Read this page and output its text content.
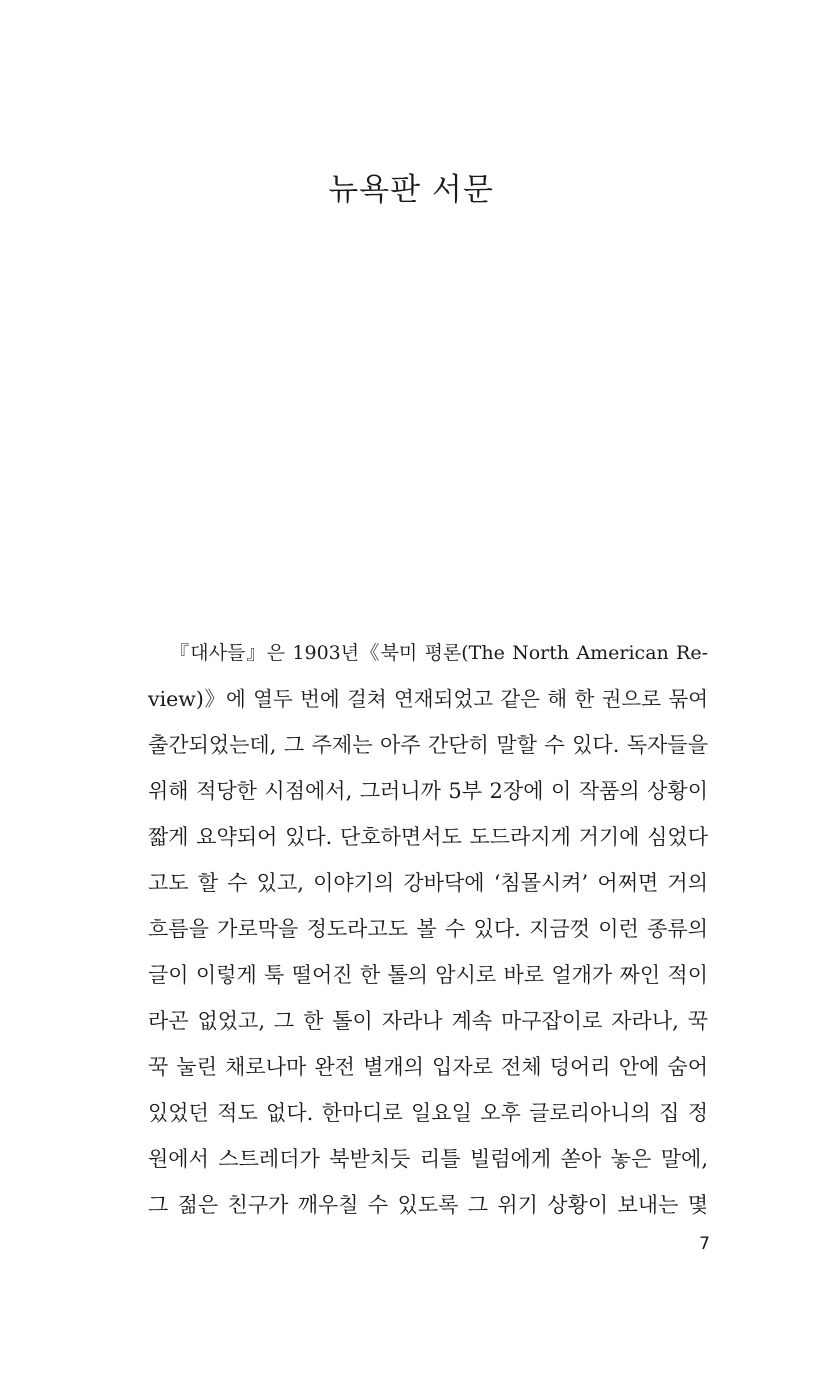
뉴욕판 서문
『대사들』은 1903년《북미 평론(The North American Re-
view)》에 열두 번에 걸쳐 연재되었고 같은 해 한 권으로 묶여
출간되었는데, 그 주제는 아주 간단히 말할 수 있다. 독자들을
위해 적당한 시점에서, 그러니까 5부 2장에 이 작품의 상황이
짧게 요약되어 있다. 단호하면서도 도드라지게 거기에 심었다
고도 할 수 있고, 이야기의 강바닥에 ‘침몰시켜’ 어쩌면 거의
흐름을 가로막을 정도라고도 볼 수 있다. 지금껏 이런 종류의
글이 이렇게 툭 떨어진 한 톨의 암시로 바로 얼개가 짜인 적이
라곤 없었고, 그 한 톨이 자라나 계속 마구잡이로 자라나, 꾹
꾹 눌린 채로나마 완전 별개의 입자로 전체 덩어리 안에 숨어
있었던 적도 없다. 한마디로 일요일 오후 글로리아니의 집 정
원에서 스트레더가 북받치듯 리틀 빌럼에게 쏟아 놓은 말에,
그 젊은 친구가 깨우칠 수 있도록 그 위기 상황이 보내는 몇
7
